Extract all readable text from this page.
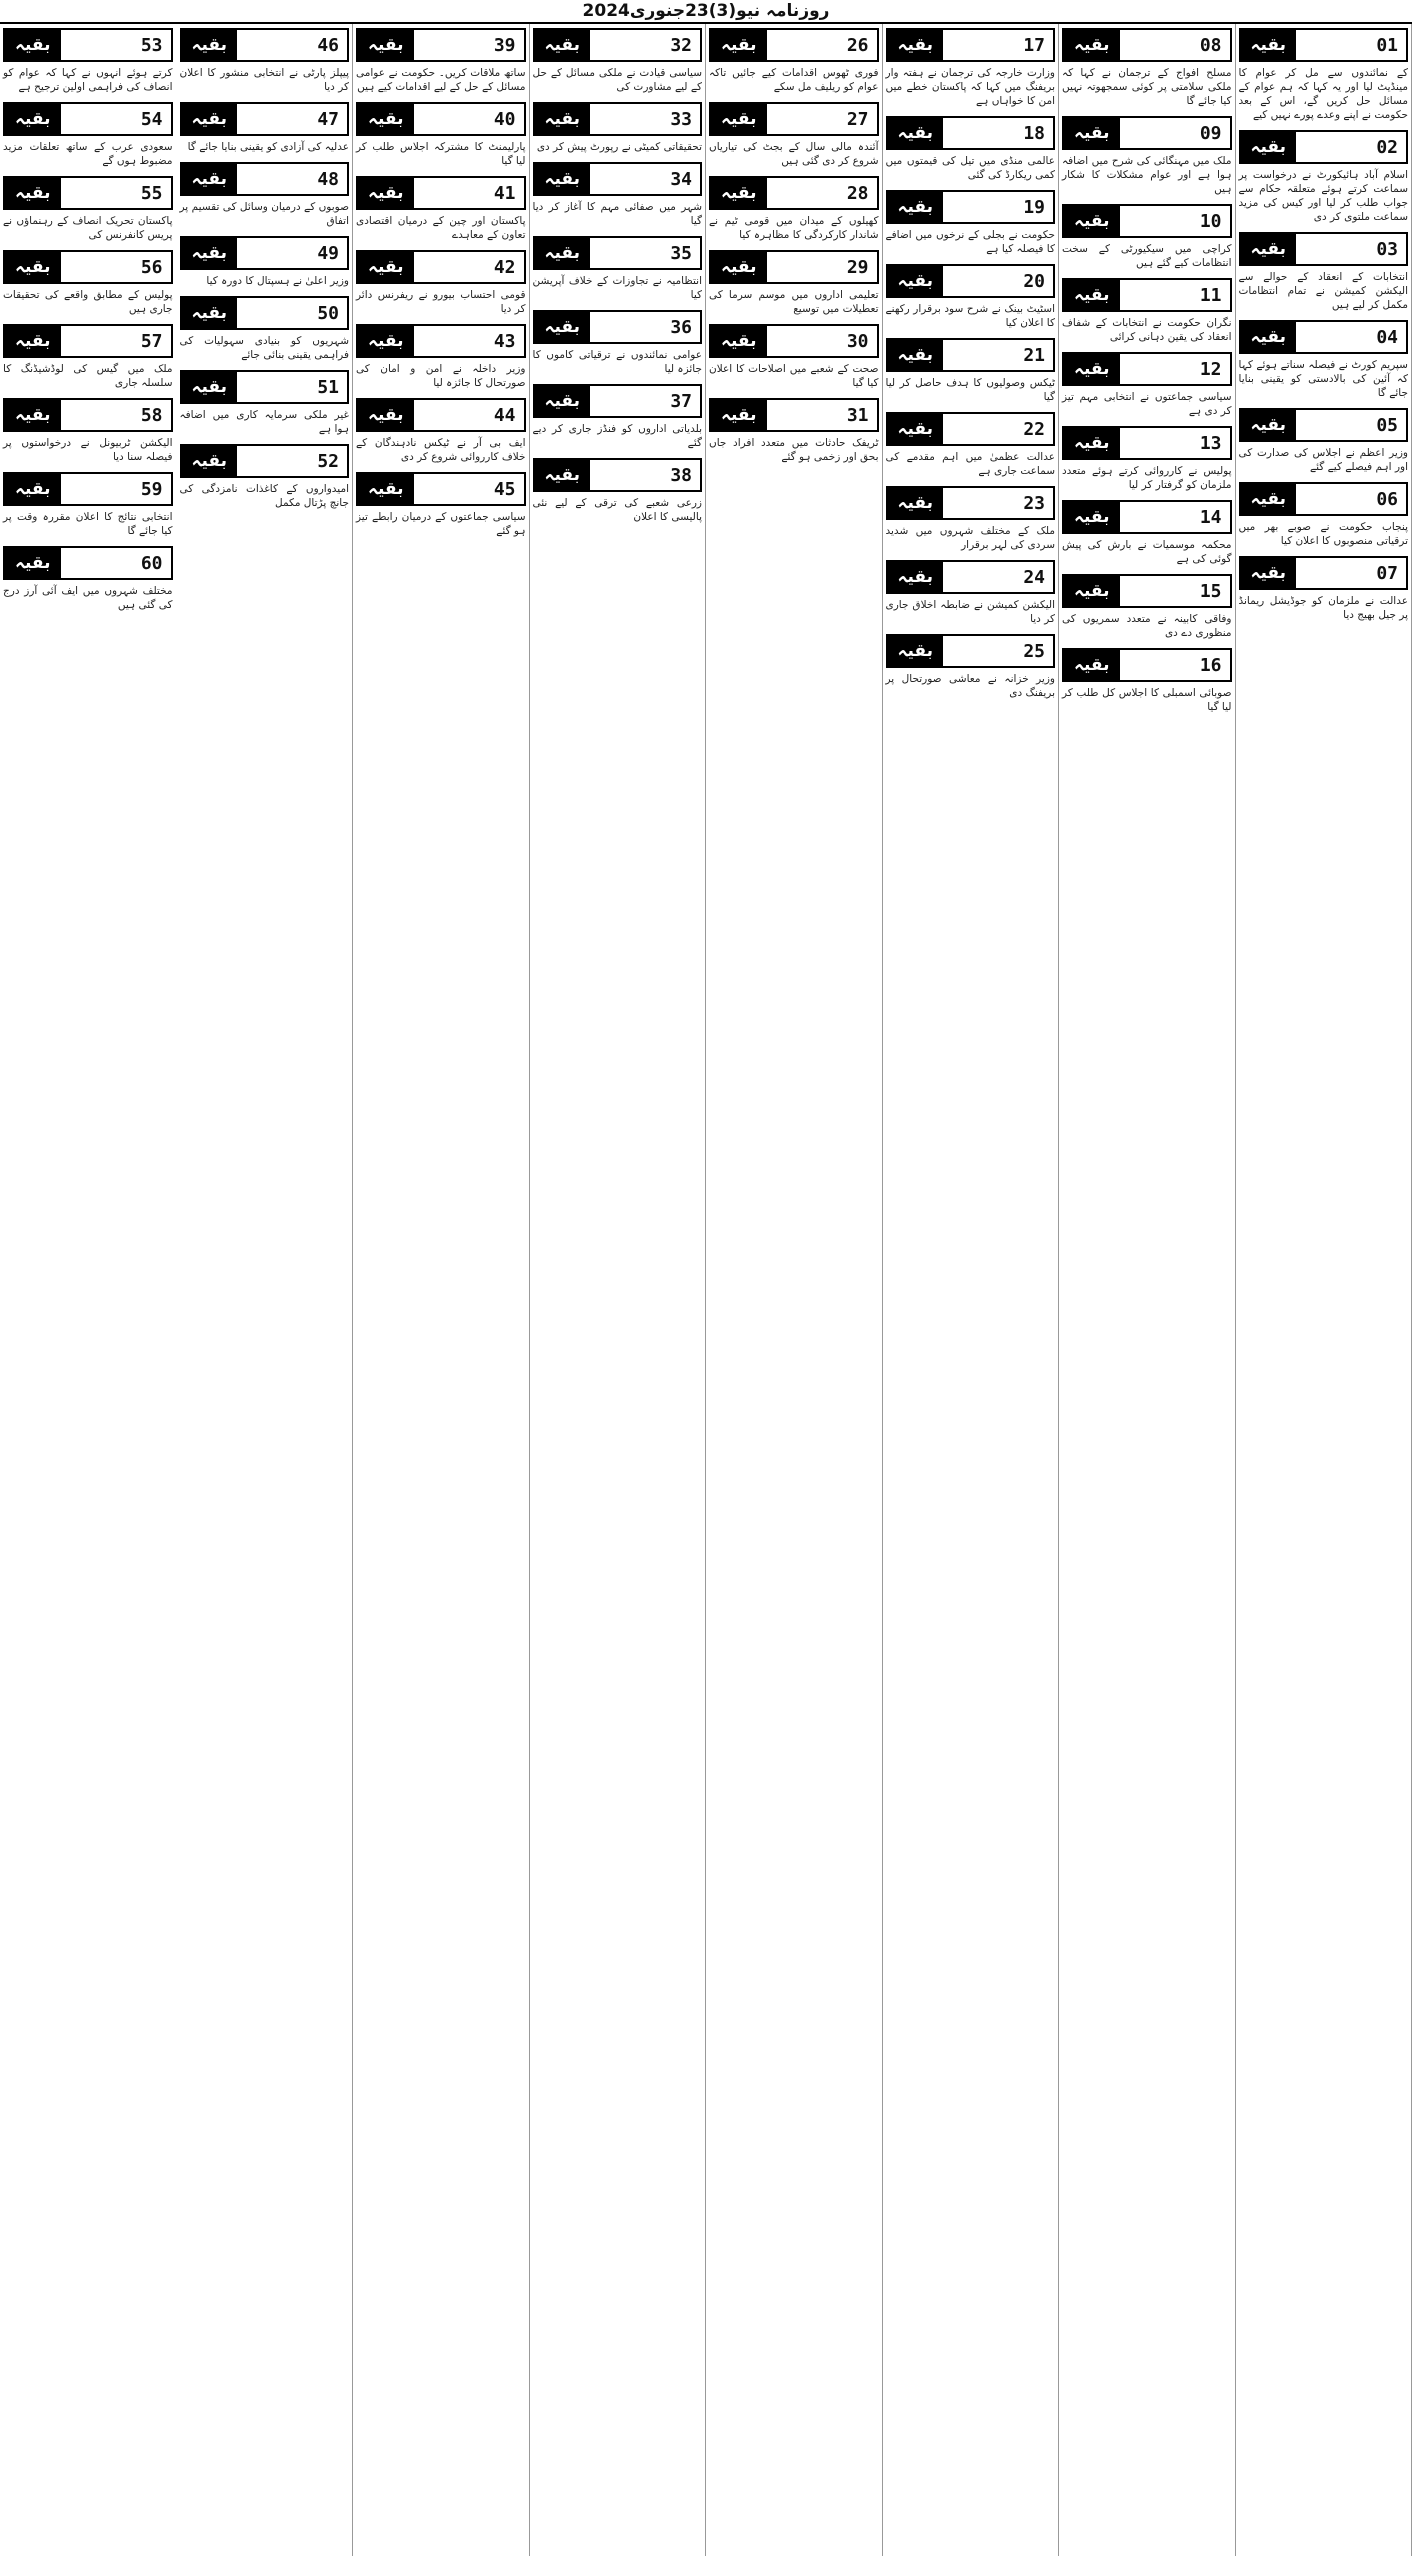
روزنامہ نیو(3)23جنوری2024
بقیہ	01

کے نمائندوں سے مل کر عوام کا مینڈیٹ لیا اور یہ کہا کہ ہم عوام کے مسائل حل کریں گے، اس کے بعد حکومت نے اپنے وعدے پورے نہیں کیے

بقیہ	02

اسلام آباد ہائیکورٹ نے درخواست پر سماعت کرتے ہوئے متعلقہ حکام سے جواب طلب کر لیا اور کیس کی مزید سماعت ملتوی کر دی

بقیہ	03

انتخابات کے انعقاد کے حوالے سے الیکشن کمیشن نے تمام انتظامات مکمل کر لیے ہیں

بقیہ	04

سپریم کورٹ نے فیصلہ سناتے ہوئے کہا کہ آئین کی بالادستی کو یقینی بنایا جائے گا

بقیہ	05

وزیر اعظم نے اجلاس کی صدارت کی اور اہم فیصلے کیے گئے

بقیہ	06

پنجاب حکومت نے صوبے بھر میں ترقیاتی منصوبوں کا اعلان کیا

بقیہ	07

عدالت نے ملزمان کو جوڈیشل ریمانڈ پر جیل بھیج دیا

بقیہ	08

مسلح افواج کے ترجمان نے کہا کہ ملکی سلامتی پر کوئی سمجھوتہ نہیں کیا جائے گا

بقیہ	09

ملک میں مہنگائی کی شرح میں اضافہ ہوا ہے اور عوام مشکلات کا شکار ہیں

بقیہ	10

کراچی میں سیکیورٹی کے سخت انتظامات کیے گئے ہیں

بقیہ	11

نگران حکومت نے انتخابات کے شفاف انعقاد کی یقین دہانی کرائی

بقیہ	12

سیاسی جماعتوں نے انتخابی مہم تیز کر دی ہے

بقیہ	13

پولیس نے کارروائی کرتے ہوئے متعدد ملزمان کو گرفتار کر لیا

بقیہ	14

محکمہ موسمیات نے بارش کی پیش گوئی کی ہے

بقیہ	15

وفاقی کابینہ نے متعدد سمریوں کی منظوری دے دی

بقیہ	16

صوبائی اسمبلی کا اجلاس کل طلب کر لیا گیا

بقیہ	17

وزارت خارجہ کی ترجمان نے ہفتہ وار بریفنگ میں کہا کہ پاکستان خطے میں امن کا خواہاں ہے

بقیہ	18

عالمی منڈی میں تیل کی قیمتوں میں کمی ریکارڈ کی گئی

بقیہ	19

حکومت نے بجلی کے نرخوں میں اضافے کا فیصلہ کیا ہے

بقیہ	20

اسٹیٹ بینک نے شرح سود برقرار رکھنے کا اعلان کیا

بقیہ	21

ٹیکس وصولیوں کا ہدف حاصل کر لیا گیا

بقیہ	22

عدالت عظمیٰ میں اہم مقدمے کی سماعت جاری ہے

بقیہ	23

ملک کے مختلف شہروں میں شدید سردی کی لہر برقرار

بقیہ	24

الیکشن کمیشن نے ضابطہ اخلاق جاری کر دیا

بقیہ	25

وزیر خزانہ نے معاشی صورتحال پر بریفنگ دی

بقیہ	26

فوری ٹھوس اقدامات کیے جائیں تاکہ عوام کو ریلیف مل سکے

بقیہ	27

آئندہ مالی سال کے بجٹ کی تیاریاں شروع کر دی گئی ہیں

بقیہ	28

کھیلوں کے میدان میں قومی ٹیم نے شاندار کارکردگی کا مظاہرہ کیا

بقیہ	29

تعلیمی اداروں میں موسم سرما کی تعطیلات میں توسیع

بقیہ	30

صحت کے شعبے میں اصلاحات کا اعلان کیا گیا

بقیہ	31

ٹریفک حادثات میں متعدد افراد جاں بحق اور زخمی ہو گئے

بقیہ	32

سیاسی قیادت نے ملکی مسائل کے حل کے لیے مشاورت کی

بقیہ	33

تحقیقاتی کمیٹی نے رپورٹ پیش کر دی

بقیہ	34

شہر میں صفائی مہم کا آغاز کر دیا گیا

بقیہ	35

انتظامیہ نے تجاوزات کے خلاف آپریشن کیا

بقیہ	36

عوامی نمائندوں نے ترقیاتی کاموں کا جائزہ لیا

بقیہ	37

بلدیاتی اداروں کو فنڈز جاری کر دیے گئے

بقیہ	38

زرعی شعبے کی ترقی کے لیے نئی پالیسی کا اعلان

بقیہ	39

ساتھ ملاقات کریں۔ حکومت نے عوامی مسائل کے حل کے لیے اقدامات کیے ہیں

بقیہ	40

پارلیمنٹ کا مشترکہ اجلاس طلب کر لیا گیا

بقیہ	41

پاکستان اور چین کے درمیان اقتصادی تعاون کے معاہدے

بقیہ	42

قومی احتساب بیورو نے ریفرنس دائر کر دیا

بقیہ	43

وزیر داخلہ نے امن و امان کی صورتحال کا جائزہ لیا

بقیہ	44

ایف بی آر نے ٹیکس نادہندگان کے خلاف کارروائی شروع کر دی

بقیہ	45

سیاسی جماعتوں کے درمیان رابطے تیز ہو گئے

بقیہ	46

پیپلز پارٹی نے انتخابی منشور کا اعلان کر دیا

بقیہ	47

عدلیہ کی آزادی کو یقینی بنایا جائے گا

بقیہ	48

صوبوں کے درمیان وسائل کی تقسیم پر اتفاق

بقیہ	49

وزیر اعلیٰ نے ہسپتال کا دورہ کیا

بقیہ	50

شہریوں کو بنیادی سہولیات کی فراہمی یقینی بنائی جائے

بقیہ	51

غیر ملکی سرمایہ کاری میں اضافہ ہوا ہے

بقیہ	52

امیدواروں کے کاغذات نامزدگی کی جانچ پڑتال مکمل

بقیہ	53

کرتے ہوئے انہوں نے کہا کہ عوام کو انصاف کی فراہمی اولین ترجیح ہے

بقیہ	54

سعودی عرب کے ساتھ تعلقات مزید مضبوط ہوں گے

بقیہ	55

پاکستان تحریک انصاف کے رہنماؤں نے پریس کانفرنس کی

بقیہ	56

پولیس کے مطابق واقعے کی تحقیقات جاری ہیں

بقیہ	57

ملک میں گیس کی لوڈشیڈنگ کا سلسلہ جاری

بقیہ	58

الیکشن ٹربیونل نے درخواستوں پر فیصلہ سنا دیا

بقیہ	59

انتخابی نتائج کا اعلان مقررہ وقت پر کیا جائے گا

بقیہ	60

مختلف شہروں میں ایف آئی آرز درج کی گئی ہیں
